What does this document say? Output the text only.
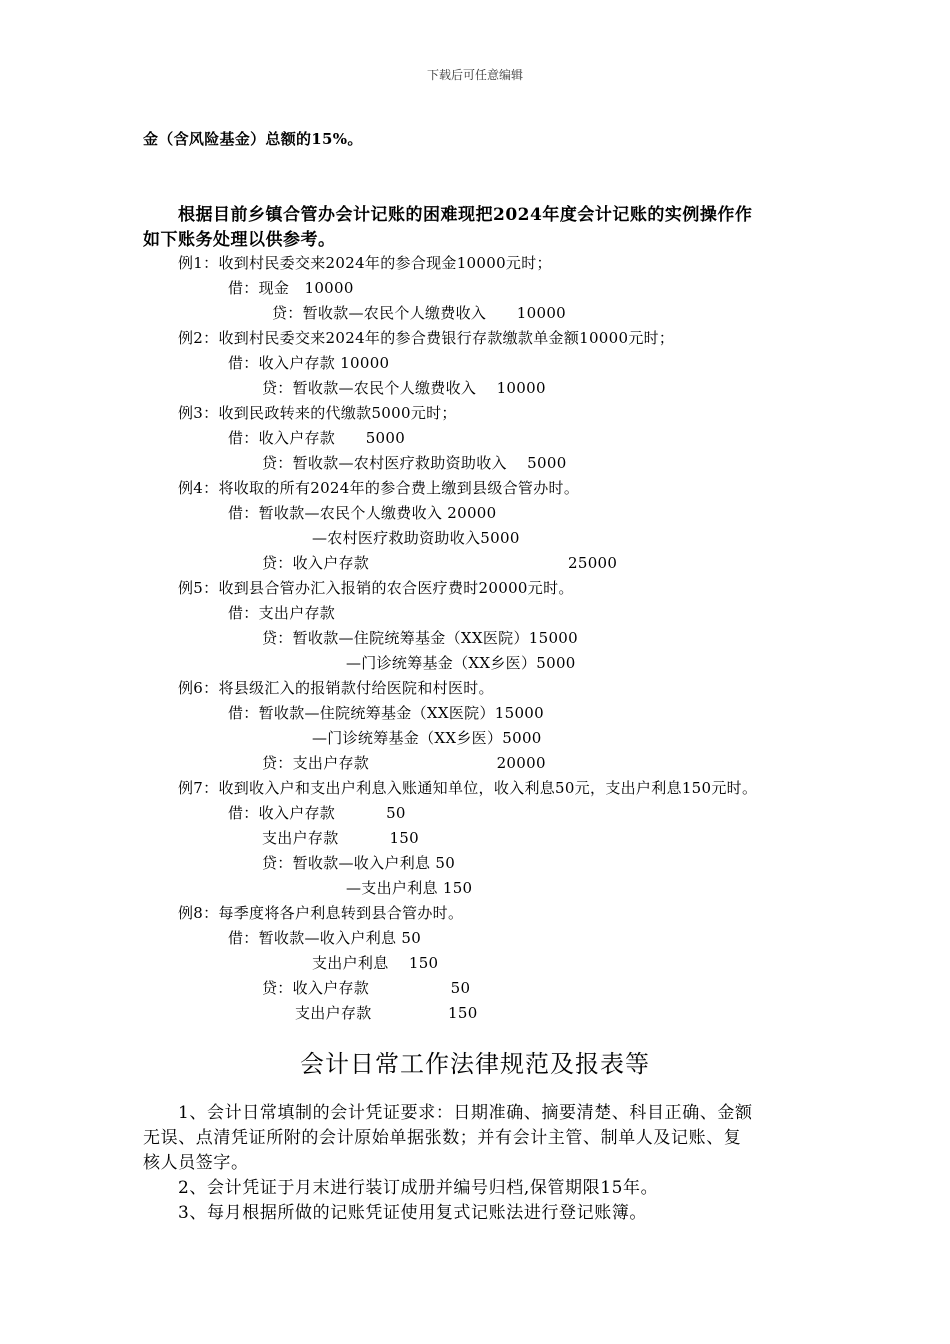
下载后可任意编辑
金（含风险基金）总额的15%。
根据目前乡镇合管办会计记账的困难现把2024年度会计记账的实例操作作
如下账务处理以供参考。
例1：收到村民委交来2024年的参合现金10000元时；
借：现金　10000
贷：暂收款—农民个人缴费收入　　10000
例2：收到村民委交来2024年的参合费银行存款缴款单金额10000元时；
借：收入户存款 10000
贷：暂收款—农民个人缴费收入　 10000
例3：收到民政转来的代缴款5000元时；
借：收入户存款　　5000
贷：暂收款—农村医疗救助资助收入　 5000
例4：将收取的所有2024年的参合费上缴到县级合管办时。
借：暂收款—农民个人缴费收入 20000
—农村医疗救助资助收入5000
贷：收入户存款　　　　　　　　　　　　　25000
例5：收到县合管办汇入报销的农合医疗费时20000元时。
借：支出户存款
贷：暂收款—住院统筹基金（XX医院）15000
—门诊统筹基金（XX乡医）5000
例6：将县级汇入的报销款付给医院和村医时。
借：暂收款—住院统筹基金（XX医院）15000
—门诊统筹基金（XX乡医）5000
贷：支出户存款　　　　　　　　 20000
例7：收到收入户和支出户利息入账通知单位，收入利息50元，支出户利息150元时。
借：收入户存款　　　 50
支出户存款　　　 150
贷：暂收款—收入户利息 50
—支出户利息 150
例8：每季度将各户利息转到县合管办时。
借：暂收款—收入户利息 50
支出户利息　 150
贷：收入户存款　　　　　 50
支出户存款　　　　　150
会计日常工作法律规范及报表等
1、会计日常填制的会计凭证要求：日期准确、摘要清楚、科目正确、金额
无误、点清凭证所附的会计原始单据张数；并有会计主管、制单人及记账、复
核人员签字。
2、会计凭证于月末进行装订成册并编号归档,保管期限15年。
3、每月根据所做的记账凭证使用复式记账法进行登记账簿。
